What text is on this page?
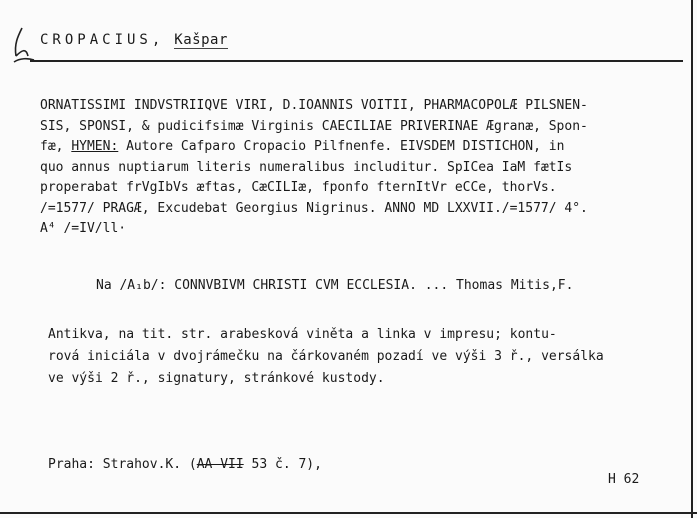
CROPACIUS, Kašpar
ORNATISSIMI INDVSTRIIQVE VIRI, D.IOANNIS VOITII, PHARMACOPOLÆ PILSNEN-
SIS, SPONSI, & pudicifsimæ Virginis CAECILIAE PRIVERINAE Ægranæ, Spon-
fæ, HYMEN: Autore Cafparo Cropacio Pilfnenfe. EIVSDEM DISTICHON, in
quo annus nuptiarum literis numeralibus includitur. SpICea IaM fætIs
properabat frVgIbVs æftas, CæCILIæ, fponfo fternItVr eCCe, thorVs.
/=1577/ PRAGÆ, Excudebat Georgius Nigrinus. ANNO MD LXXVII./=1577/ 4°.
A⁴ /=IV/ll·
Na /A₁b/: CONNVBIVM CHRISTI CVM ECCLESIA. ... Thomas Mitis,F.
Antikva, na tit. str. arabesková viněta a linka v impresu; kontu-
rová iniciála v dvojrámečku na čárkovaném pozadí ve výši 3 ř., versálka
ve výši 2 ř., signatury, stránkové kustody.
Praha: Strahov.K. (AA VII 53 č. 7),
H 62
